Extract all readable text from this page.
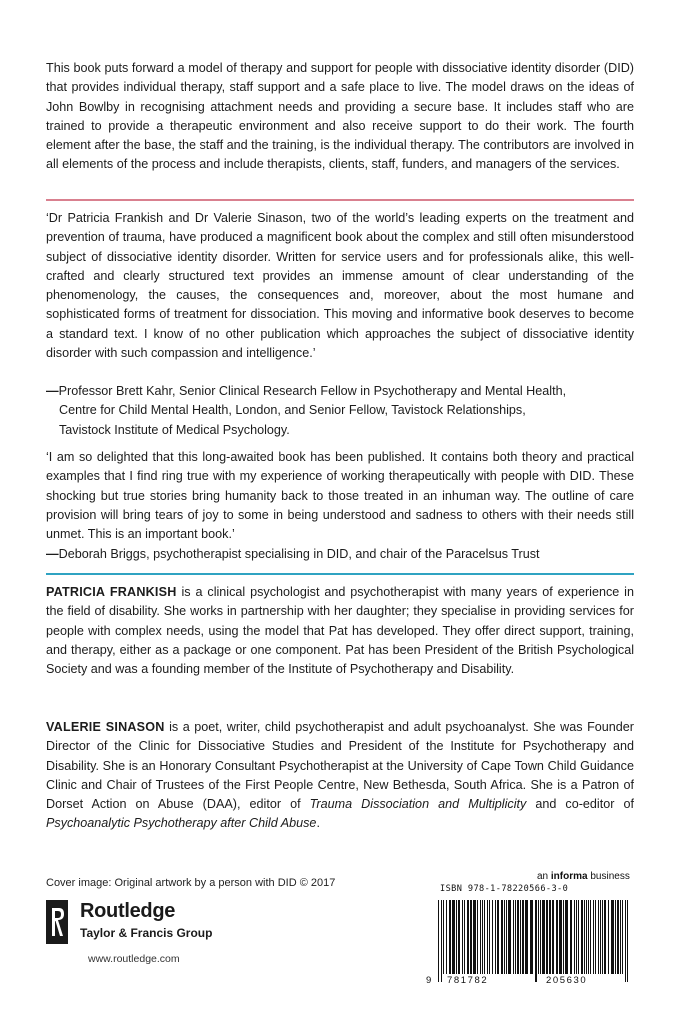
This book puts forward a model of therapy and support for people with dissociative identity disorder (DID) that provides individual therapy, staff support and a safe place to live. The model draws on the ideas of John Bowlby in recognising attachment needs and providing a secure base. It includes staff who are trained to provide a therapeutic environment and also receive support to do their work. The fourth element after the base, the staff and the training, is the individual therapy. The contributors are involved in all elements of the process and include therapists, clients, staff, funders, and managers of the services.

‘Dr Patricia Frankish and Dr Valerie Sinason, two of the world’s leading experts on the treatment and prevention of trauma, have produced a magnificent book about the complex and still often misunderstood subject of dissociative identity disorder. Written for service users and for professionals alike, this well-crafted and clearly structured text provides an immense amount of clear understanding of the phenomenology, the causes, the consequences and, moreover, about the most humane and sophisticated forms of treatment for dissociation. This moving and informative book deserves to become a standard text. I know of no other publication which approaches the subject of dissociative identity disorder with such compassion and intelligence.’

—Professor Brett Kahr, Senior Clinical Research Fellow in Psychotherapy and Mental Health,
Centre for Child Mental Health, London, and Senior Fellow, Tavistock Relationships,
Tavistock Institute of Medical Psychology.

‘I am so delighted that this long-awaited book has been published. It contains both theory and practical examples that I find ring true with my experience of working therapeutically with people with DID. These shocking but true stories bring humanity back to those treated in an inhuman way. The outline of care provision will bring tears of joy to some in being understood and sadness to others with their needs still unmet. This is an important book.’

—Deborah Briggs, psychotherapist specialising in DID, and chair of the Paracelsus Trust

PATRICIA FRANKISH is a clinical psychologist and psychotherapist with many years of experience in the field of disability. She works in partnership with her daughter; they specialise in providing services for people with complex needs, using the model that Pat has developed. They offer direct support, training, and therapy, either as a package or one component. Pat has been President of the British Psychological Society and was a founding member of the Institute of Psychotherapy and Disability.

VALERIE SINASON is a poet, writer, child psychotherapist and adult psychoanalyst. She was Founder Director of the Clinic for Dissociative Studies and President of the Institute for Psychotherapy and Disability. She is an Honorary Consultant Psychotherapist at the University of Cape Town Child Guidance Clinic and Chair of Trustees of the First People Centre, New Bethesda, South Africa. She is a Patron of Dorset Action on Abuse (DAA), editor of Trauma Dissociation and Multiplicity and co-editor of Psychoanalytic Psychotherapy after Child Abuse.

Cover image: Original artwork by a person with DID © 2017
Routledge
Taylor & Francis Group
www.routledge.com
an informa business
ISBN 978-1-78220566-3-0
9 781782	205630
